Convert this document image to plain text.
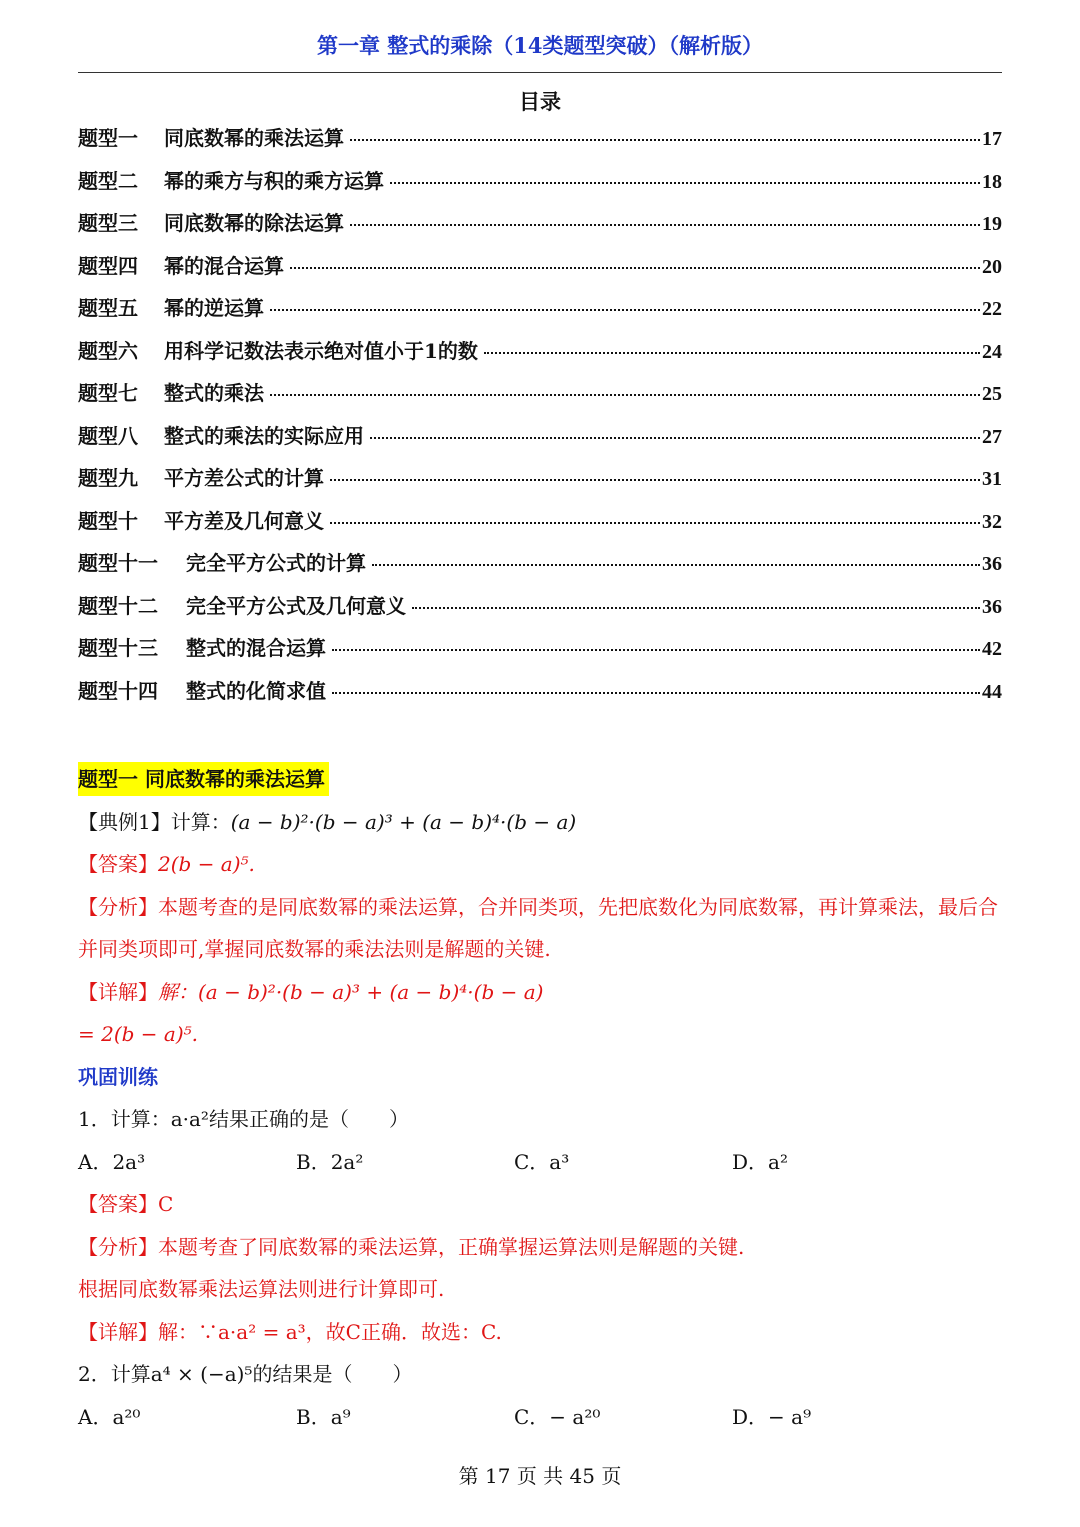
第一章 整式的乘除（14类题型突破）（解析版）
目录
题型一	同底数幂的乘法运算	17
题型二	幂的乘方与积的乘方运算	18
题型三	同底数幂的除法运算	19
题型四	幂的混合运算	20
题型五	幂的逆运算	22
题型六	用科学记数法表示绝对值小于1的数	24
题型七	整式的乘法	25
题型八	整式的乘法的实际应用	27
题型九	平方差公式的计算	31
题型十	平方差及几何意义	32
题型十一	完全平方公式的计算	36
题型十二	完全平方公式及几何意义	36
题型十三	整式的混合运算	42
题型十四	整式的化简求值	44
题型一 同底数幂的乘法运算
【典例1】计算：(a − b)²·(b − a)³ + (a − b)⁴·(b − a)
【答案】2(b − a)⁵.
【分析】本题考查的是同底数幂的乘法运算，合并同类项，先把底数化为同底数幂，再计算乘法，最后合并同类项即可,掌握同底数幂的乘法法则是解题的关键.
【详解】解：(a − b)²·(b − a)³ + (a − b)⁴·(b − a)
= 2(b − a)⁵.
巩固训练
1．计算：a·a²结果正确的是（　　）
A．2a³	B．2a²	C．a³	D．a²
【答案】C
【分析】本题考查了同底数幂的乘法运算，正确掌握运算法则是解题的关键.
根据同底数幂乘法运算法则进行计算即可.
【详解】解：∵a·a² = a³，故C正确．故选：C.
2．计算a⁴ × (−a)⁵的结果是（　　）
A．a²⁰	B．a⁹	C．− a²⁰	D．− a⁹
第 17 页 共 45 页
